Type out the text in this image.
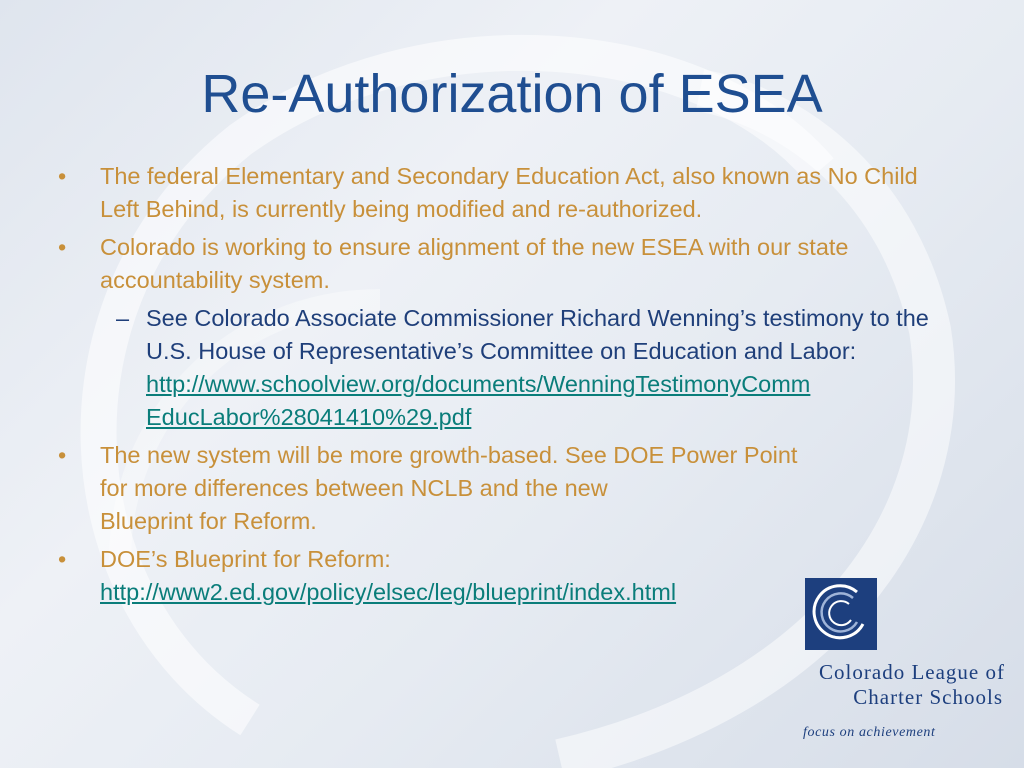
Re-Authorization of ESEA
• The federal Elementary and Secondary Education Act, also known as No Child Left Behind, is currently being modified and re-authorized.
• Colorado is working to ensure alignment of the new ESEA with our state accountability system.
– See Colorado Associate Commissioner Richard Wenning’s testimony to the U.S. House of Representative’s Committee on Education and Labor:
http://www.schoolview.org/documents/WenningTestimonyComm
EducLabor%28041410%29.pdf
• The new system will be more growth-based. See DOE Power Point
for more differences between NCLB and the new
Blueprint for Reform.
• DOE’s Blueprint for Reform:
http://www2.ed.gov/policy/elsec/leg/blueprint/index.html
Colorado League of
Charter Schools
focus on achievement
